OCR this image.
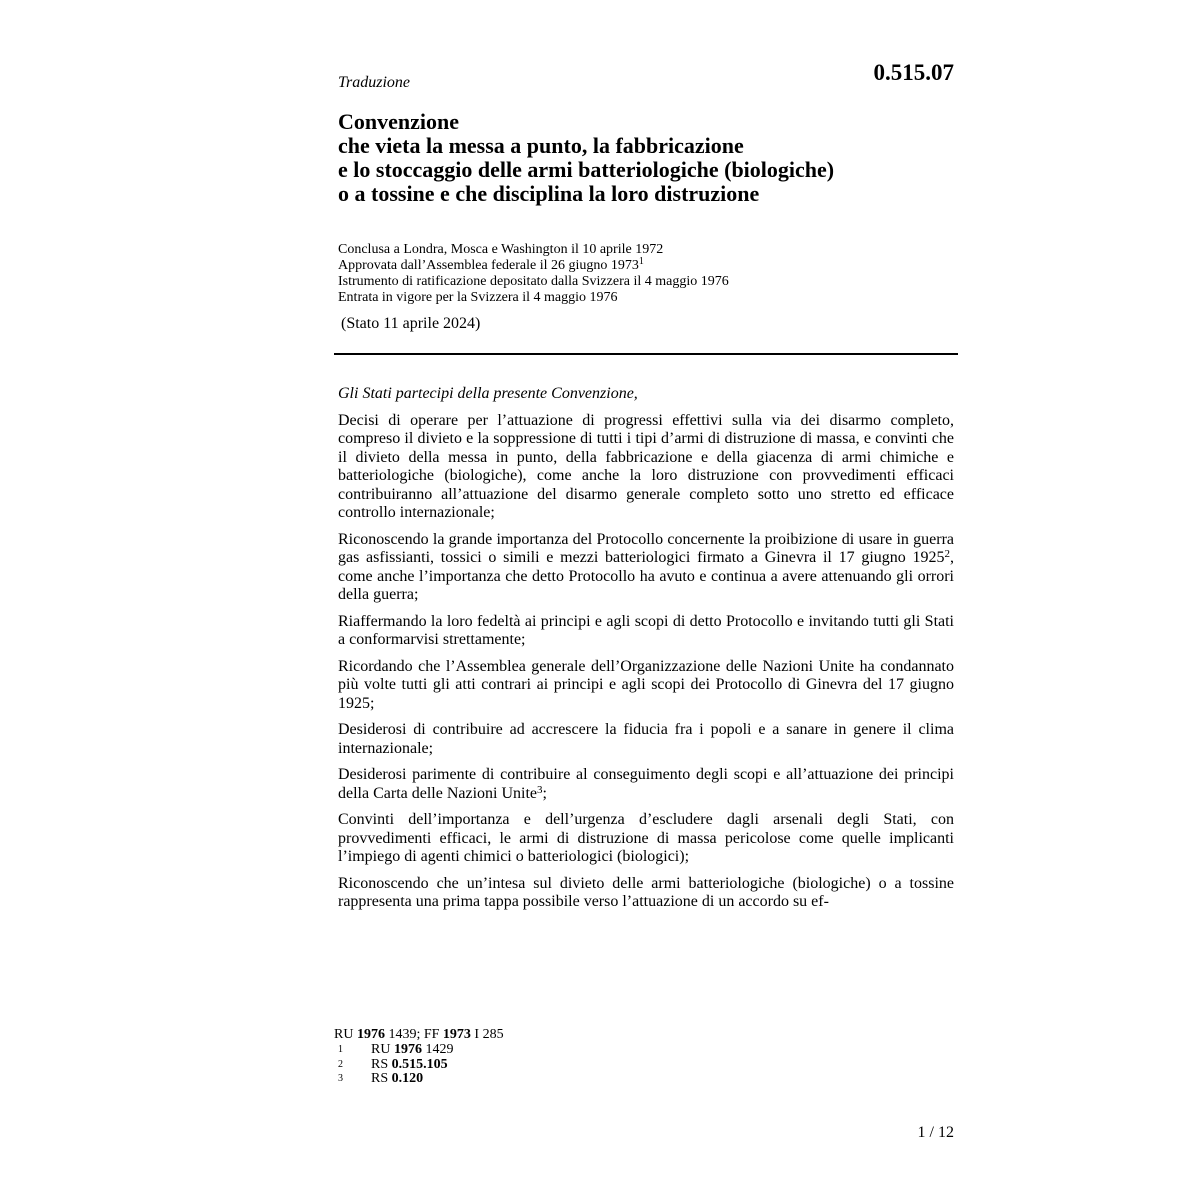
Traduzione	0.515.07
Convenzione
che vieta la messa a punto, la fabbricazione
e lo stoccaggio delle armi batteriologiche (biologiche)
o a tossine e che disciplina la loro distruzione
Conclusa a Londra, Mosca e Washington il 10 aprile 1972
Approvata dall’Assemblea federale il 26 giugno 1973$^1$
Istrumento di ratificazione depositato dalla Svizzera il 4 maggio 1976
Entrata in vigore per la Svizzera il 4 maggio 1976
(Stato 11 aprile 2024)

Gli Stati partecipi della presente Convenzione,

Decisi di operare per l’attuazione di progressi effettivi sulla via dei disarmo completo, compreso il divieto e la soppressione di tutti i tipi d’armi di distruzione di massa, e convinti che il divieto della messa in punto, della fabbricazione e della giacenza di armi chimiche e batteriologiche (biologiche), come anche la loro distruzione con provvedimenti efficaci contribuiranno all’attuazione del disarmo generale completo sotto uno stretto ed efficace controllo internazionale;

Riconoscendo la grande importanza del Protocollo concernente la proibizione di usare in guerra gas asfissianti, tossici o simili e mezzi batteriologici firmato a Ginevra il 17 giugno 1925$^2$, come anche l’importanza che detto Protocollo ha avuto e continua a avere attenuando gli orrori della guerra;

Riaffermando la loro fedeltà ai principi e agli scopi di detto Protocollo e invitando tutti gli Stati a conformarvisi strettamente;

Ricordando che l’Assemblea generale dell’Organizzazione delle Nazioni Unite ha condannato più volte tutti gli atti contrari ai principi e agli scopi dei Protocollo di Ginevra del 17 giugno 1925;

Desiderosi di contribuire ad accrescere la fiducia fra i popoli e a sanare in genere il clima internazionale;

Desiderosi parimente di contribuire al conseguimento degli scopi e all’attuazione dei principi della Carta delle Nazioni Unite$^3$;

Convinti dell’importanza e dell’urgenza d’escludere dagli arsenali degli Stati, con provvedimenti efficaci, le armi di distruzione di massa pericolose come quelle implicanti l’impiego di agenti chimici o batteriologici (biologici);

Riconoscendo che un’intesa sul divieto delle armi batteriologiche (biologiche) o a tossine rappresenta una prima tappa possibile verso l’attuazione di un accordo su ef-

RU 1976 1439; FF 1973 I 285
1	RU 1976 1429
2	RS 0.515.105
3	RS 0.120
1 / 12
